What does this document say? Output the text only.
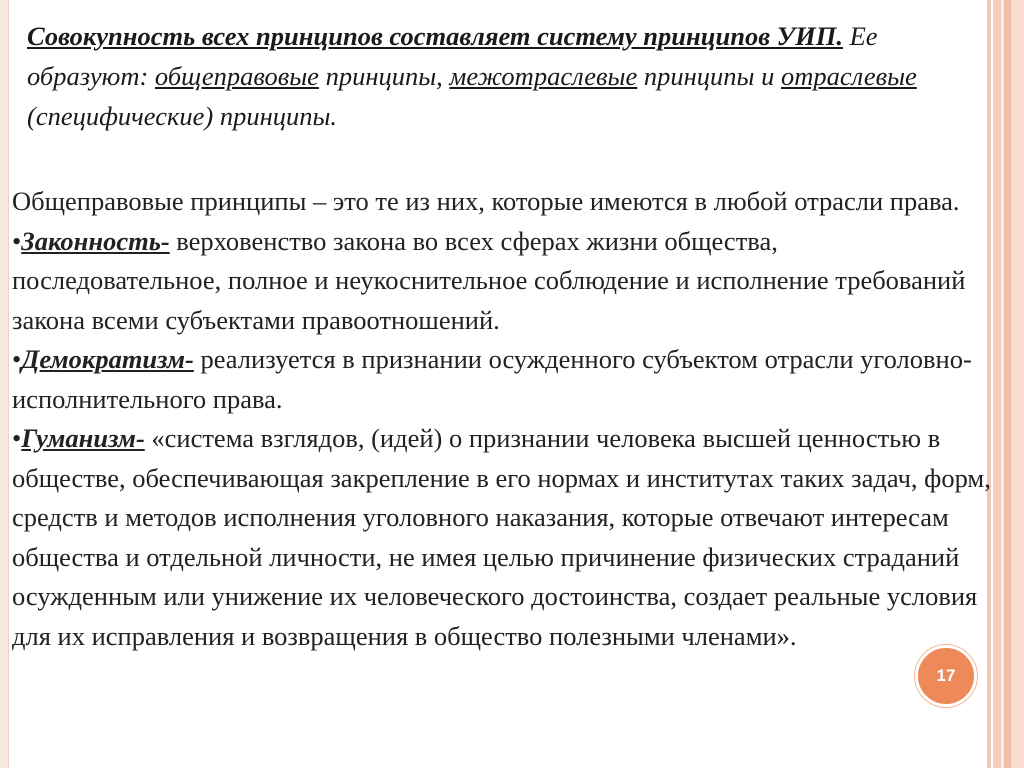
Совокупность всех принципов составляет систему принципов УИП. Ее образуют: общеправовые принципы, межотраслевые принципы и отраслевые (специфические) принципы.

Общеправовые принципы – это те из них, которые имеются в любой отрасли права.

•Законность- верховенство закона во всех сферах жизни общества, последовательное, полное и неукоснительное соблюдение и исполнение требований закона всеми субъектами правоотношений.

•Демократизм- реализуется в признании осужденного субъектом отрасли уголовно-исполнительного права.

•Гуманизм- «система взглядов, (идей) о признании человека высшей ценностью в обществе, обеспечивающая закрепление в его нормах и институтах таких задач, форм, средств и методов исполнения уголовного наказания, которые отвечают интересам общества и отдельной личности, не имея целью причинение физических страданий осужденным или унижение их человеческого достоинства, создает реальные условия для их исправления и возвращения в общество полезными членами».

17
